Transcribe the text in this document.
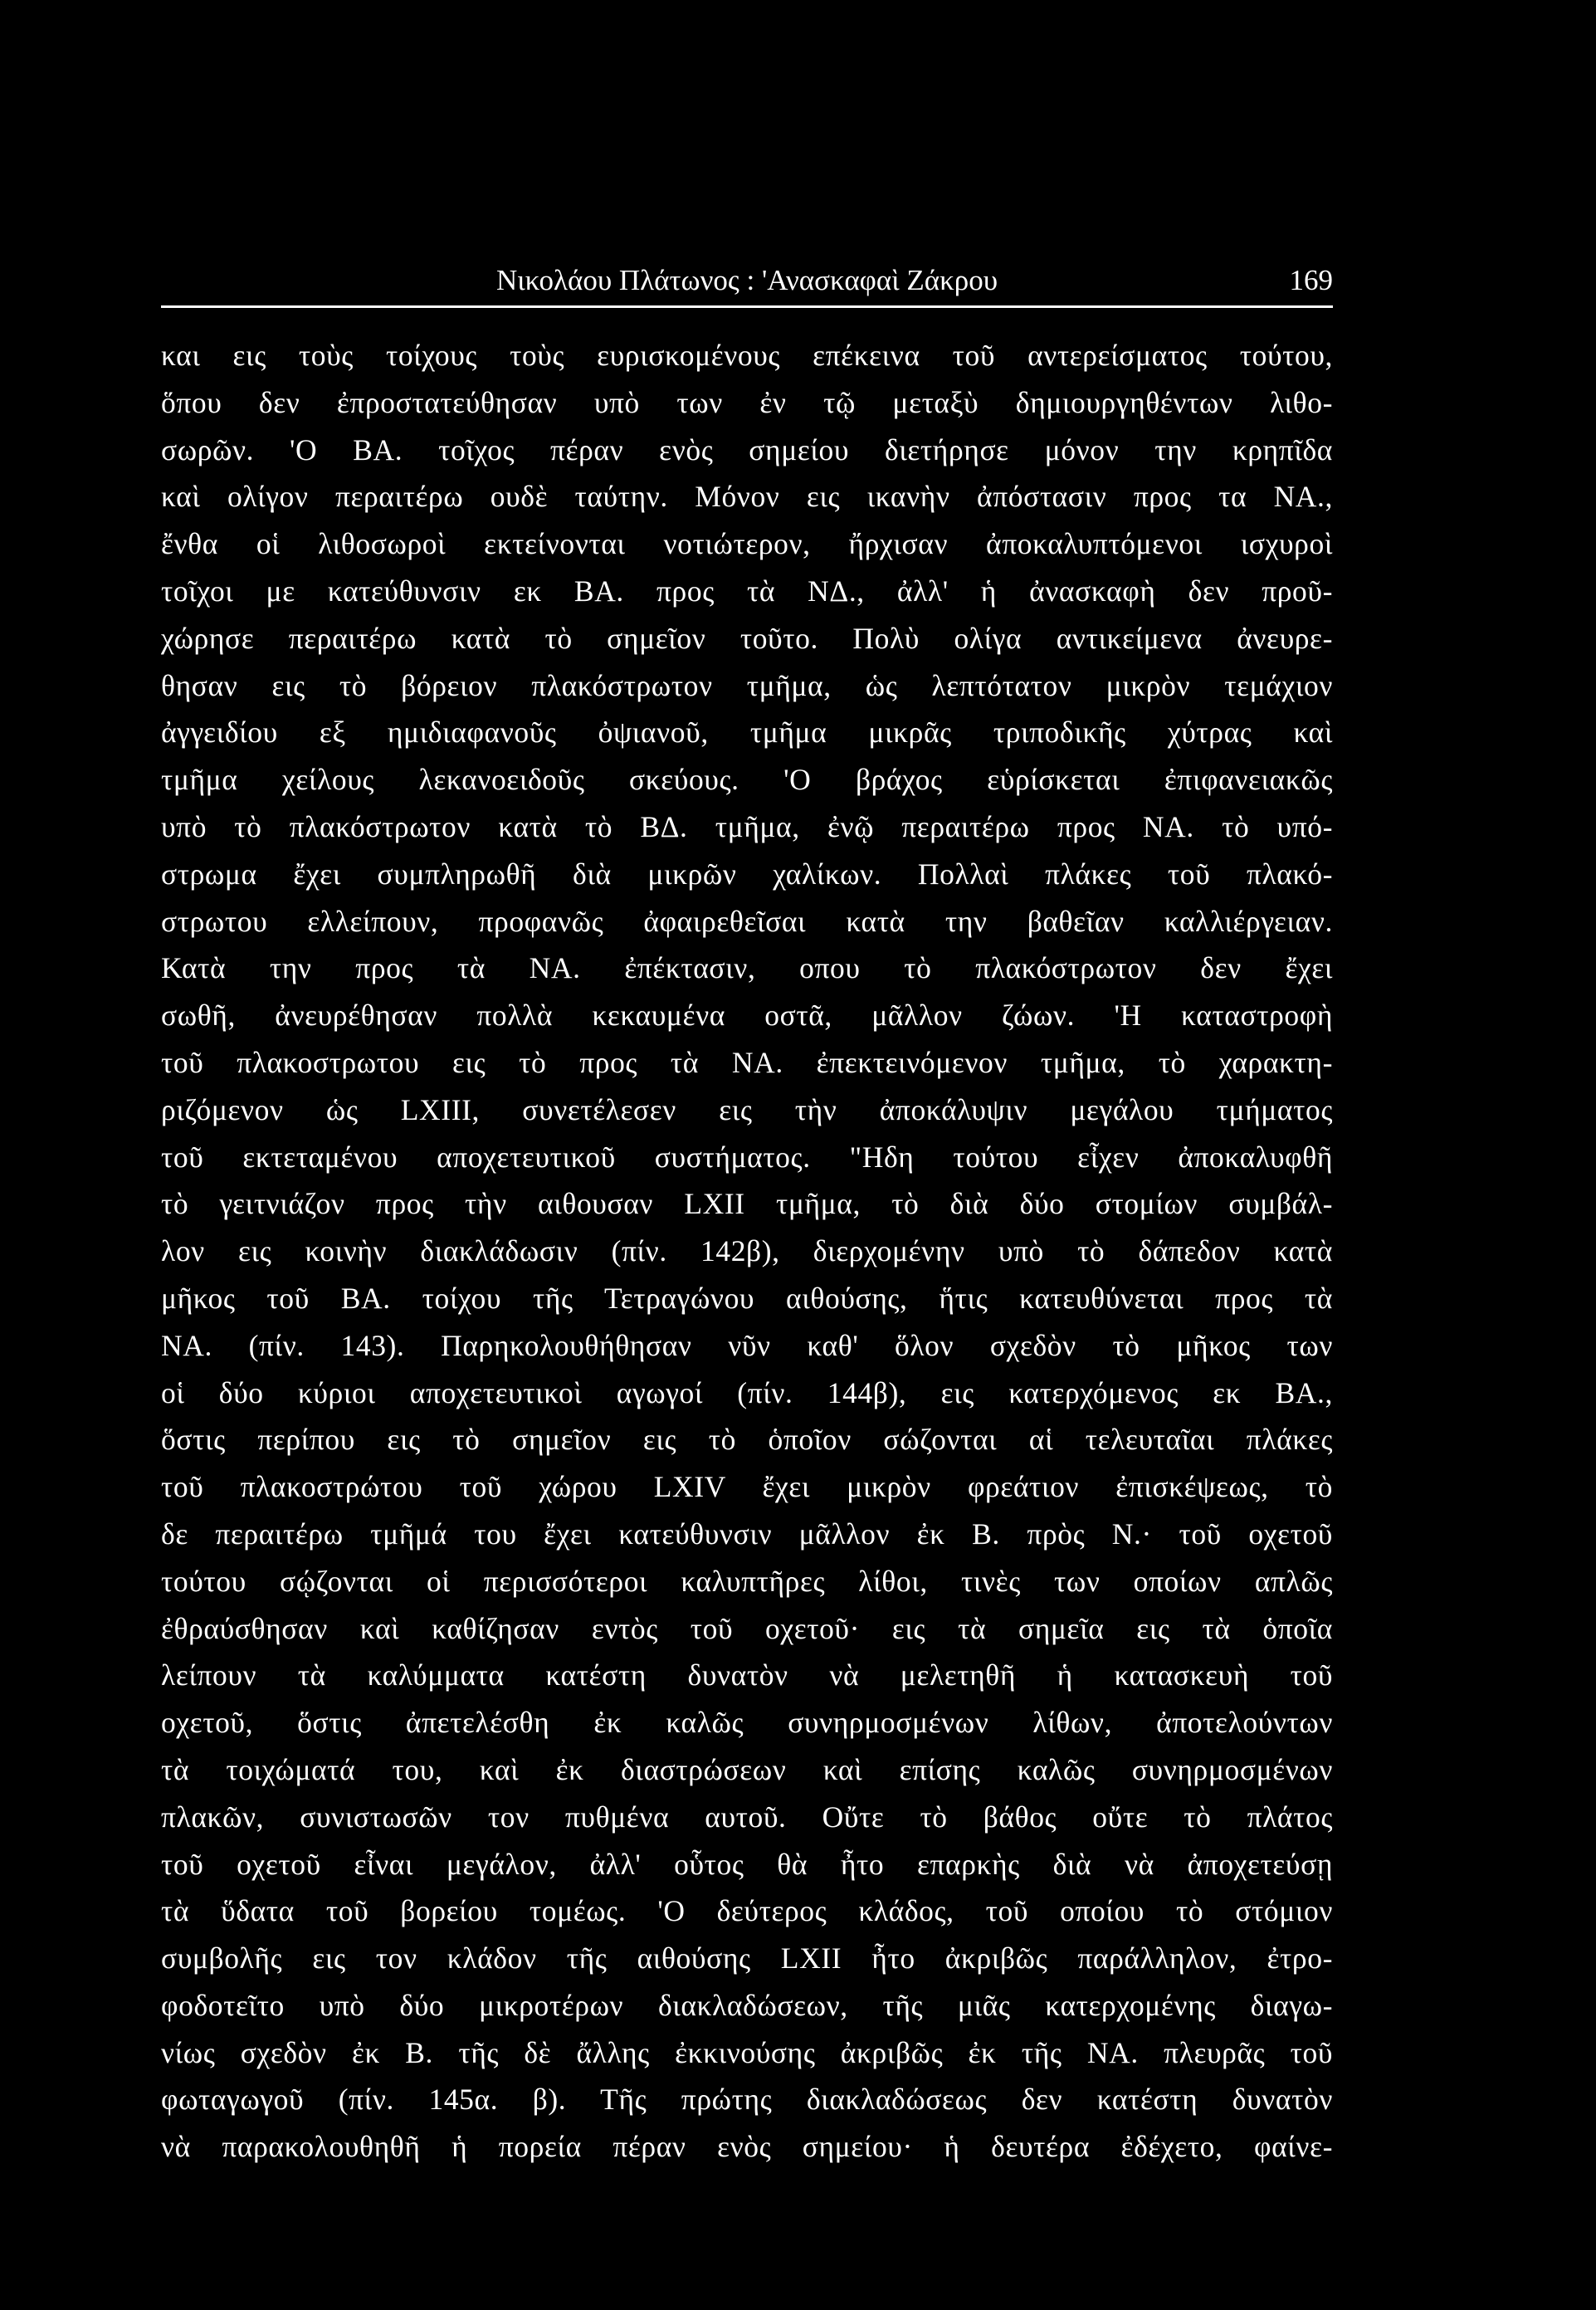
Νικολάου Πλάτωνος : 'Ανασκαφαὶ Ζάκρου	169
και εις τοὺς τοίχους τοὺς ευρισκομένους επέκεινα τοῦ αντερείσματος τούτου,
ὅπου δεν ἐπροστατεύθησαν υπὸ των ἐν τῷ μεταξὺ δημιουργηθέντων λιθο-
σωρῶν. 'Ο ΒΑ. τοῖχος πέραν ενὸς σημείου διετήρησε μόνον την κρηπῖδα
καὶ ολίγον περαιτέρω ουδὲ ταύτην. Μόνον εις ικανὴν ἀπόστασιν προς τα ΝΑ.,
ἔνθα οἱ λιθοσωροὶ εκτείνονται νοτιώτερον, ἤρχισαν ἀποκαλυπτόμενοι ισχυροὶ
τοῖχοι με κατεύθυνσιν εκ ΒΑ. προς τὰ ΝΔ., ἀλλ' ἡ ἀνασκαφὴ δεν προῦ-
χώρησε περαιτέρω κατὰ τὸ σημεῖον τοῦτο. Πολὺ ολίγα αντικείμενα ἀνευρε-
θησαν εις τὸ βόρειον πλακόστρωτον τμῆμα, ὡς λεπτότατον μικρὸν τεμάχιον
ἀγγειδίου εξ ημιδιαφανοῦς ὀψιανοῦ, τμῆμα μικρᾶς τριποδικῆς χύτρας καὶ
τμῆμα χείλους λεκανοειδοῦς σκεύους. 'Ο βράχος εὑρίσκεται ἐπιφανειακῶς
υπὸ τὸ πλακόστρωτον κατὰ τὸ ΒΔ. τμῆμα, ἐνῷ περαιτέρω προς ΝΑ. τὸ υπό-
στρωμα ἔχει συμπληρωθῆ διὰ μικρῶν χαλίκων. Πολλαὶ πλάκες τοῦ πλακό-
στρωτου ελλείπουν, προφανῶς ἀφαιρεθεῖσαι κατὰ την βαθεῖαν καλλιέργειαν.
Κατὰ την προς τὰ ΝΑ. ἐπέκτασιν, οπου τὸ πλακόστρωτον δεν ἔχει
σωθῆ, ἀνευρέθησαν πολλὰ κεκαυμένα οστᾶ, μᾶλλον ζώων. 'Η καταστροφὴ
τοῦ πλακοστρωτου εις τὸ προς τὰ ΝΑ. ἐπεκτεινόμενον τμῆμα, τὸ χαρακτη-
ριζόμενον ὡς LXIII, συνετέλεσεν εις τὴν ἀποκάλυψιν μεγάλου τμήματος
τοῦ εκτεταμένου αποχετευτικοῦ συστήματος. "Ηδη τούτου εἶχεν ἀποκαλυφθῆ
τὸ γειτνιάζον προς τὴν αιθουσαν LXII τμῆμα, τὸ διὰ δύο στομίων συμβάλ-
λον εις κοινὴν διακλάδωσιν (πίν. 142β), διερχομένην υπὸ τὸ δάπεδον κατὰ
μῆκος τοῦ ΒΑ. τοίχου τῆς Τετραγώνου αιθούσης, ἥτις κατευθύνεται προς τὰ
ΝΑ. (πίν. 143). Παρηκολουθήθησαν νῦν καθ' ὅλον σχεδὸν τὸ μῆκος των
οἱ δύο κύριοι αποχετευτικοὶ αγωγοί (πίν. 144β), εις κατερχόμενος εκ ΒΑ.,
ὅστις περίπου εις τὸ σημεῖον εις τὸ ὁποῖον σώζονται αἱ τελευταῖαι πλάκες
τοῦ πλακοστρώτου τοῦ χώρου LXIV ἔχει μικρὸν φρεάτιον ἐπισκέψεως, τὸ
δε περαιτέρω τμῆμά του ἔχει κατεύθυνσιν μᾶλλον ἐκ Β. πρὸς Ν.· τοῦ οχετοῦ
τούτου σῴζονται οἱ περισσότεροι καλυπτῆρες λίθοι, τινὲς των οποίων απλῶς
ἐθραύσθησαν καὶ καθίζησαν εντὸς τοῦ οχετοῦ· εις τὰ σημεῖα εις τὰ ὁποῖα
λείπουν τὰ καλύμματα κατέστη δυνατὸν νὰ μελετηθῆ ἡ κατασκευὴ τοῦ
οχετοῦ, ὅστις ἀπετελέσθη ἐκ καλῶς συνηρμοσμένων λίθων, ἀποτελούντων
τὰ τοιχώματά του, καὶ ἐκ διαστρώσεων καὶ επίσης καλῶς συνηρμοσμένων
πλακῶν, συνιστωσῶν τον πυθμένα αυτοῦ. Οὔτε τὸ βάθος οὔτε τὸ πλάτος
τοῦ οχετοῦ εἶναι μεγάλον, ἀλλ' οὗτος θὰ ἦτο επαρκὴς διὰ νὰ ἀποχετεύσῃ
τὰ ὕδατα τοῦ βορείου τομέως. 'Ο δεύτερος κλάδος, τοῦ οποίου τὸ στόμιον
συμβολῆς εις τον κλάδον τῆς αιθούσης LXII ἦτο ἀκριβῶς παράλληλον, ἐτρο-
φοδοτεῖτο υπὸ δύο μικροτέρων διακλαδώσεων, τῆς μιᾶς κατερχομένης διαγω-
νίως σχεδὸν ἐκ Β. τῆς δὲ ἄλλης ἐκκινούσης ἀκριβῶς ἐκ τῆς ΝΑ. πλευρᾶς τοῦ
φωταγωγοῦ (πίν. 145α. β). Τῆς πρώτης διακλαδώσεως δεν κατέστη δυνατὸν
νὰ παρακολουθηθῆ ἡ πορεία πέραν ενὸς σημείου· ἡ δευτέρα ἐδέχετο, φαίνε-
